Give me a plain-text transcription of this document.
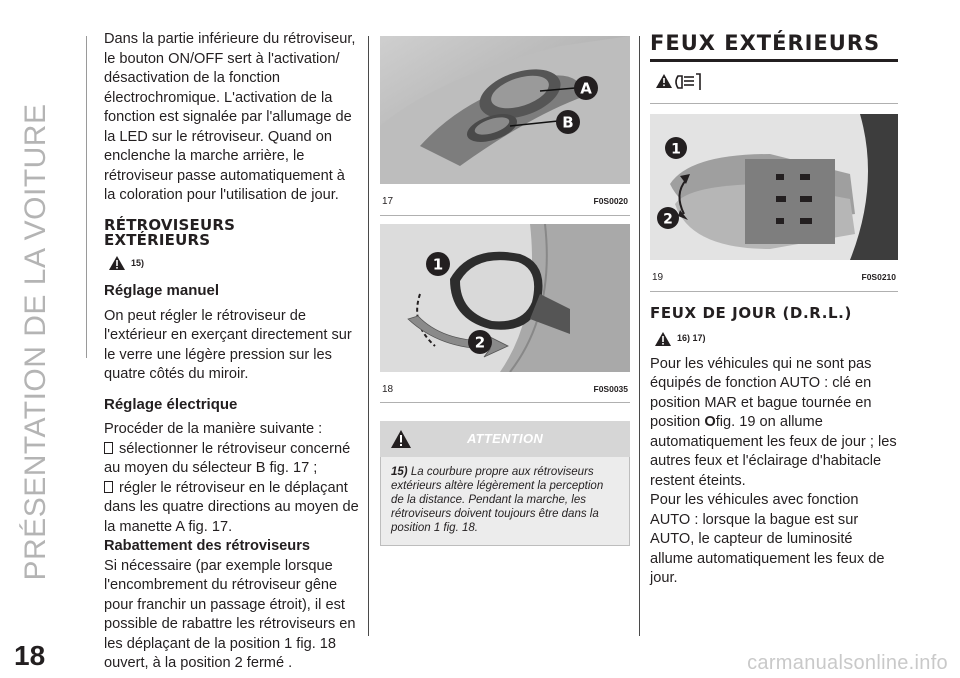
PRÉSENTATION DE LA VOITURE
18	carmanualsonline.info

Dans la partie inférieure du rétroviseur, le bouton ON/OFF sert à l'activation/ désactivation de la fonction électrochromique. L'activation de la fonction est signalée par l'allumage de la LED sur le rétroviseur. Quand on enclenche la marche arrière, le rétroviseur passe automatiquement à la coloration pour l'utilisation de jour.

RÉTROVISEURS EXTÉRIEURS
15)
Réglage manuel

On peut régler le rétroviseur de l'extérieur en exerçant directement sur le verre une légère pression sur les quatre côtés du miroir.

Réglage électrique

Procéder de la manière suivante :

sélectionner le rétroviseur concerné au moyen du sélecteur B fig. 17 ;

régler le rétroviseur en le déplaçant dans les quatre directions au moyen de la manette A fig. 17.

Rabattement des rétroviseurs

Si nécessaire (par exemple lorsque l'encombrement du rétroviseur gêne pour franchir un passage étroit), il est possible de rabattre les rétroviseurs en les déplaçant de la position 1 fig. 18 ouvert, à la position 2 fermé .

A
B
17	F0S0020
1
2
18	F0S0035
ATTENTION
15) La courbure propre aux rétroviseurs extérieurs altère légèrement la perception de la distance. Pendant la marche, les rétroviseurs doivent toujours être dans la position 1 fig. 18.
FEUX EXTÉRIEURS
1
2
19	F0S0210
FEUX DE JOUR (D.R.L.)
16) 17)

Pour les véhicules qui ne sont pas équipés de fonction AUTO : clé en position MAR et bague tournée en position Ofig. 19 on allume automatiquement les feux de jour ; les autres feux et l'éclairage d'habitacle restent éteints.

Pour les véhicules avec fonction AUTO : lorsque la bague est sur AUTO, le capteur de luminosité allume automatiquement les feux de jour.
